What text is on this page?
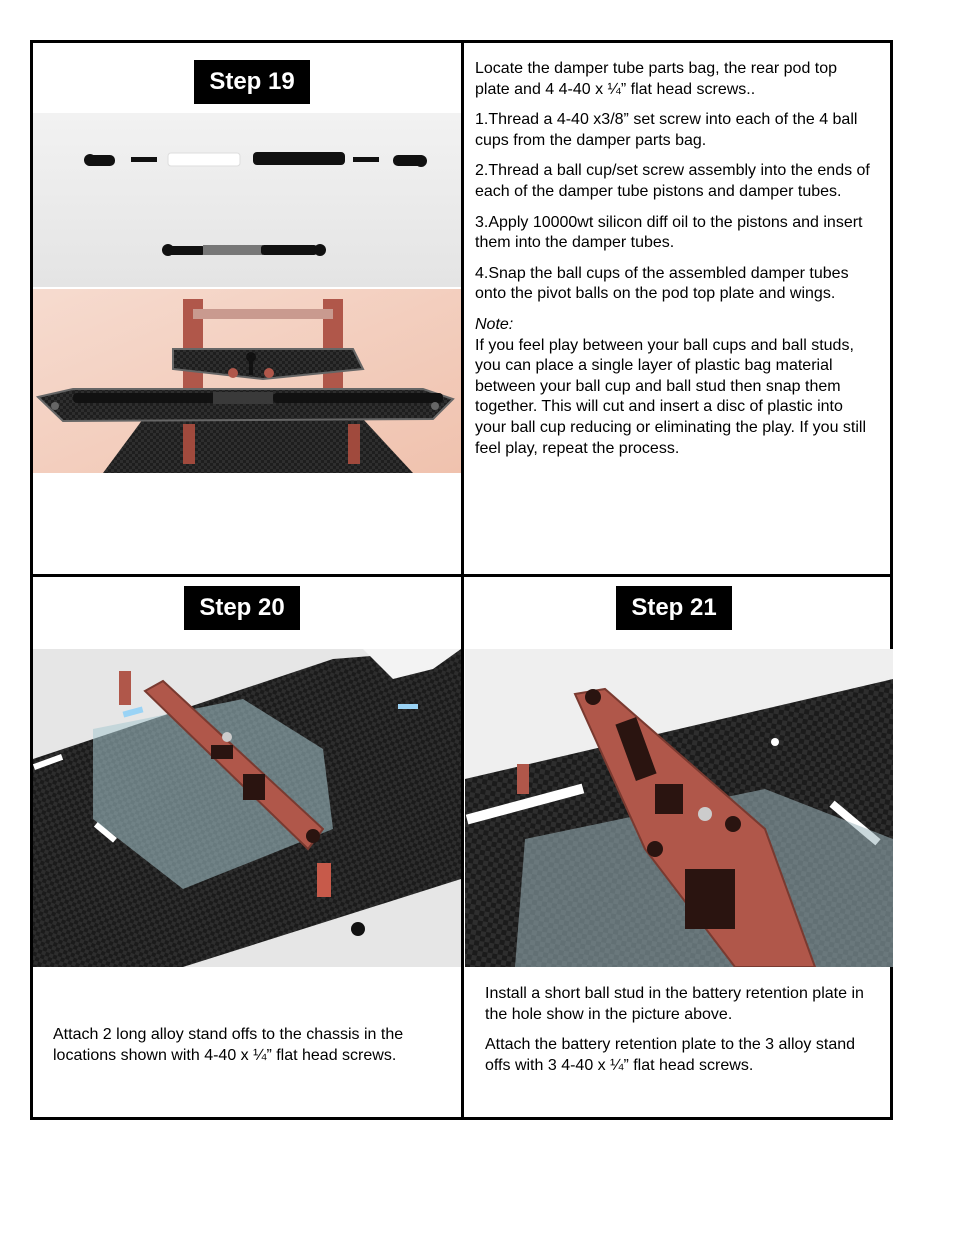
Step 19	Locate the damper tube parts bag, the rear pod top plate and 4 4-40 x ¼” flat head screws..

1.Thread a 4-40 x3/8” set screw into each of the 4 ball cups from the damper parts bag.

2.Thread a ball cup/set screw assembly into the ends of each of the damper tube pistons and damper tubes.

3.Apply 10000wt silicon diff oil to the pistons and insert them into the damper tubes.

4.Snap the ball cups of the assembled damper tubes onto the pivot balls on the pod top plate and wings.

Note:
If you feel play between your ball cups and ball studs, you can place a single layer of plastic bag material between your ball cup and ball stud then snap them together. This will cut and insert a disc of plastic into your ball cup reducing or eliminating the play. If you still feel play, repeat the process.

Step 20
Attach 2 long alloy stand offs to the chassis in the locations shown with 4-40 x ¼” flat head screws.
Step 21

Install a short ball stud in the battery retention plate in the hole show in the picture above.

Attach the battery retention plate to the 3 alloy stand offs with 3 4-40 x ¼” flat head screws.
